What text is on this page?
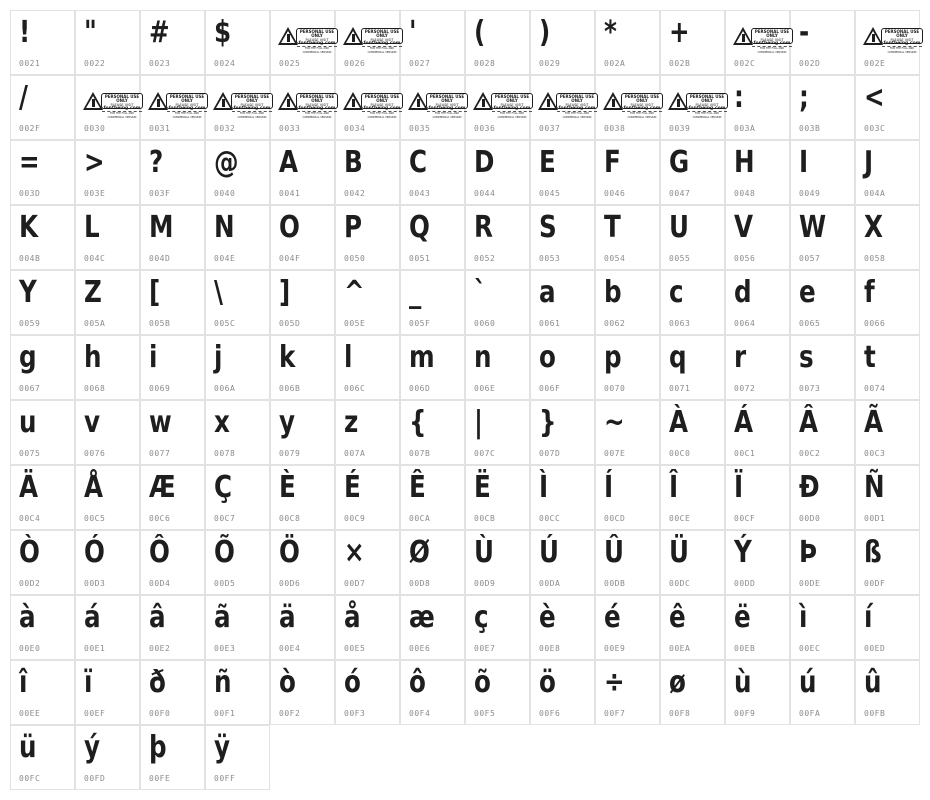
!
0021
"
0022
#
0023
$
0024
PERSONAL USE ONLY
PLEASE VISIT
fontbeing.com
FOR THE FULL AND COMMERCIAL VERSION
0025
PERSONAL USE ONLY
PLEASE VISIT
fontbeing.com
FOR THE FULL AND COMMERCIAL VERSION
0026
'
0027
(
0028
)
0029
*
002A
+
002B
PERSONAL USE ONLY
PLEASE VISIT
fontbeing.com
FOR THE FULL AND COMMERCIAL VERSION
002C
-
002D
PERSONAL USE ONLY
PLEASE VISIT
fontbeing.com
FOR THE FULL AND COMMERCIAL VERSION
002E
/
002F
PERSONAL USE ONLY
PLEASE VISIT
fontbeing.com
FOR THE FULL AND COMMERCIAL VERSION
0030
PERSONAL USE ONLY
PLEASE VISIT
fontbeing.com
FOR THE FULL AND COMMERCIAL VERSION
0031
PERSONAL USE ONLY
PLEASE VISIT
fontbeing.com
FOR THE FULL AND COMMERCIAL VERSION
0032
PERSONAL USE ONLY
PLEASE VISIT
fontbeing.com
FOR THE FULL AND COMMERCIAL VERSION
0033
PERSONAL USE ONLY
PLEASE VISIT
fontbeing.com
FOR THE FULL AND COMMERCIAL VERSION
0034
PERSONAL USE ONLY
PLEASE VISIT
fontbeing.com
FOR THE FULL AND COMMERCIAL VERSION
0035
PERSONAL USE ONLY
PLEASE VISIT
fontbeing.com
FOR THE FULL AND COMMERCIAL VERSION
0036
PERSONAL USE ONLY
PLEASE VISIT
fontbeing.com
FOR THE FULL AND COMMERCIAL VERSION
0037
PERSONAL USE ONLY
PLEASE VISIT
fontbeing.com
FOR THE FULL AND COMMERCIAL VERSION
0038
PERSONAL USE ONLY
PLEASE VISIT
fontbeing.com
FOR THE FULL AND COMMERCIAL VERSION
0039
:
003A
;
003B
<
003C
=
003D
>
003E
?
003F
@
0040
A
0041
B
0042
C
0043
D
0044
E
0045
F
0046
G
0047
H
0048
I
0049
J
004A
K
004B
L
004C
M
004D
N
004E
O
004F
P
0050
Q
0051
R
0052
S
0053
T
0054
U
0055
V
0056
W
0057
X
0058
Y
0059
Z
005A
[
005B
\
005C
]
005D
^
005E
_
005F
`
0060
a
0061
b
0062
c
0063
d
0064
e
0065
f
0066
g
0067
h
0068
i
0069
j
006A
k
006B
l
006C
m
006D
n
006E
o
006F
p
0070
q
0071
r
0072
s
0073
t
0074
u
0075
v
0076
w
0077
x
0078
y
0079
z
007A
{
007B
|
007C
}
007D
~
007E
À
00C0
Á
00C1
Â
00C2
Ã
00C3
Ä
00C4
Å
00C5
Æ
00C6
Ç
00C7
È
00C8
É
00C9
Ê
00CA
Ë
00CB
Ì
00CC
Í
00CD
Î
00CE
Ï
00CF
Ð
00D0
Ñ
00D1
Ò
00D2
Ó
00D3
Ô
00D4
Õ
00D5
Ö
00D6
×
00D7
Ø
00D8
Ù
00D9
Ú
00DA
Û
00DB
Ü
00DC
Ý
00DD
Þ
00DE
ß
00DF
à
00E0
á
00E1
â
00E2
ã
00E3
ä
00E4
å
00E5
æ
00E6
ç
00E7
è
00E8
é
00E9
ê
00EA
ë
00EB
ì
00EC
í
00ED
î
00EE
ï
00EF
ð
00F0
ñ
00F1
ò
00F2
ó
00F3
ô
00F4
õ
00F5
ö
00F6
÷
00F7
ø
00F8
ù
00F9
ú
00FA
û
00FB
ü
00FC
ý
00FD
þ
00FE
ÿ
00FF
